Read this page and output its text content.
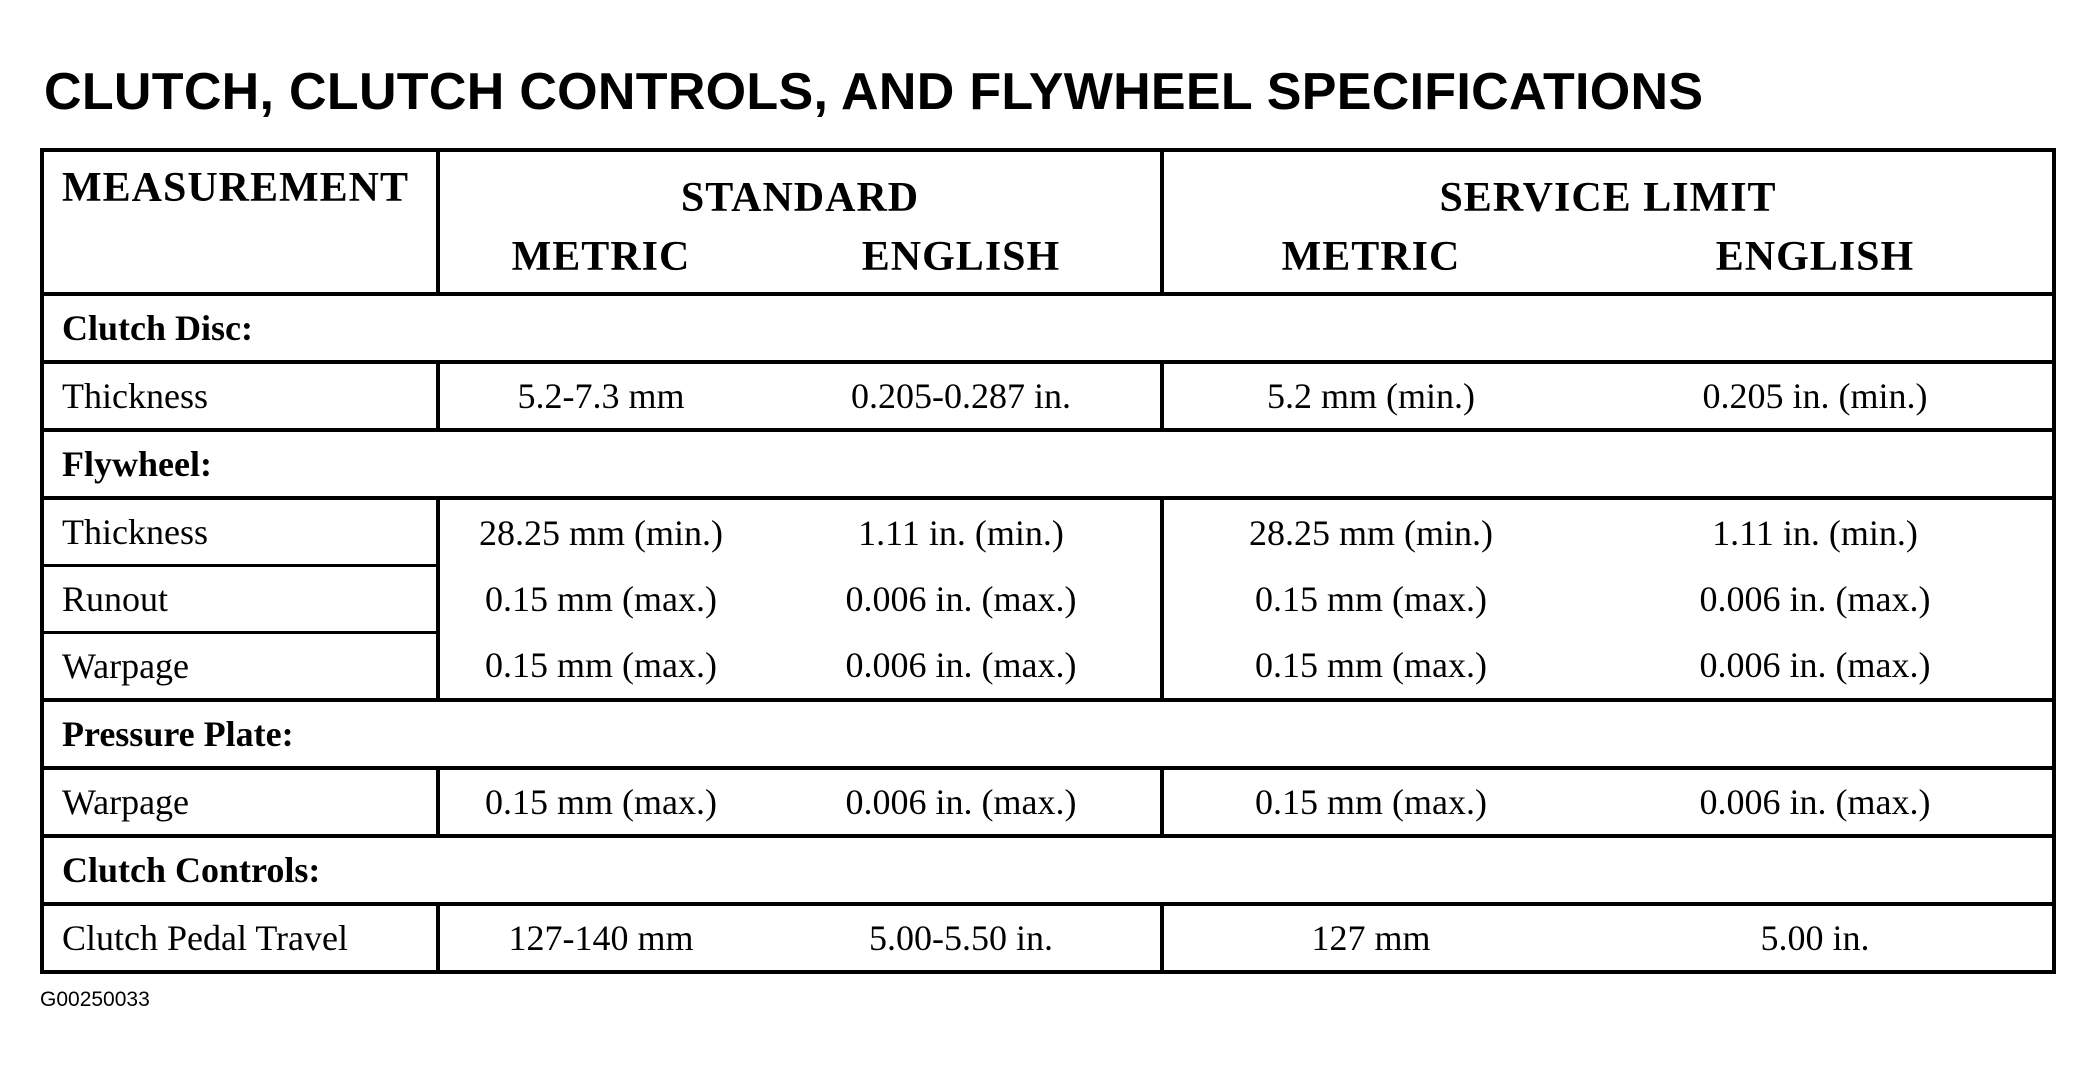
CLUTCH, CLUTCH CONTROLS, AND FLYWHEEL SPECIFICATIONS
MEASUREMENT	STANDARD		SERVICE LIMIT	
	METRIC	ENGLISH	METRIC	ENGLISH
Clutch Disc:				
Thickness	5.2-7.3 mm	0.205-0.287 in.	5.2 mm (min.)	0.205 in. (min.)
Flywheel:				
Thickness	28.25 mm (min.)	1.11 in. (min.)	28.25 mm (min.)	1.11 in. (min.)
Runout	0.15 mm (max.)	0.006 in. (max.)	0.15 mm (max.)	0.006 in. (max.)
Warpage	0.15 mm (max.)	0.006 in. (max.)	0.15 mm (max.)	0.006 in. (max.)
Pressure Plate:				
Warpage	0.15 mm (max.)	0.006 in. (max.)	0.15 mm (max.)	0.006 in. (max.)
Clutch Controls:				
Clutch Pedal Travel	127-140 mm	5.00-5.50 in.	127 mm	5.00 in.

G00250033
